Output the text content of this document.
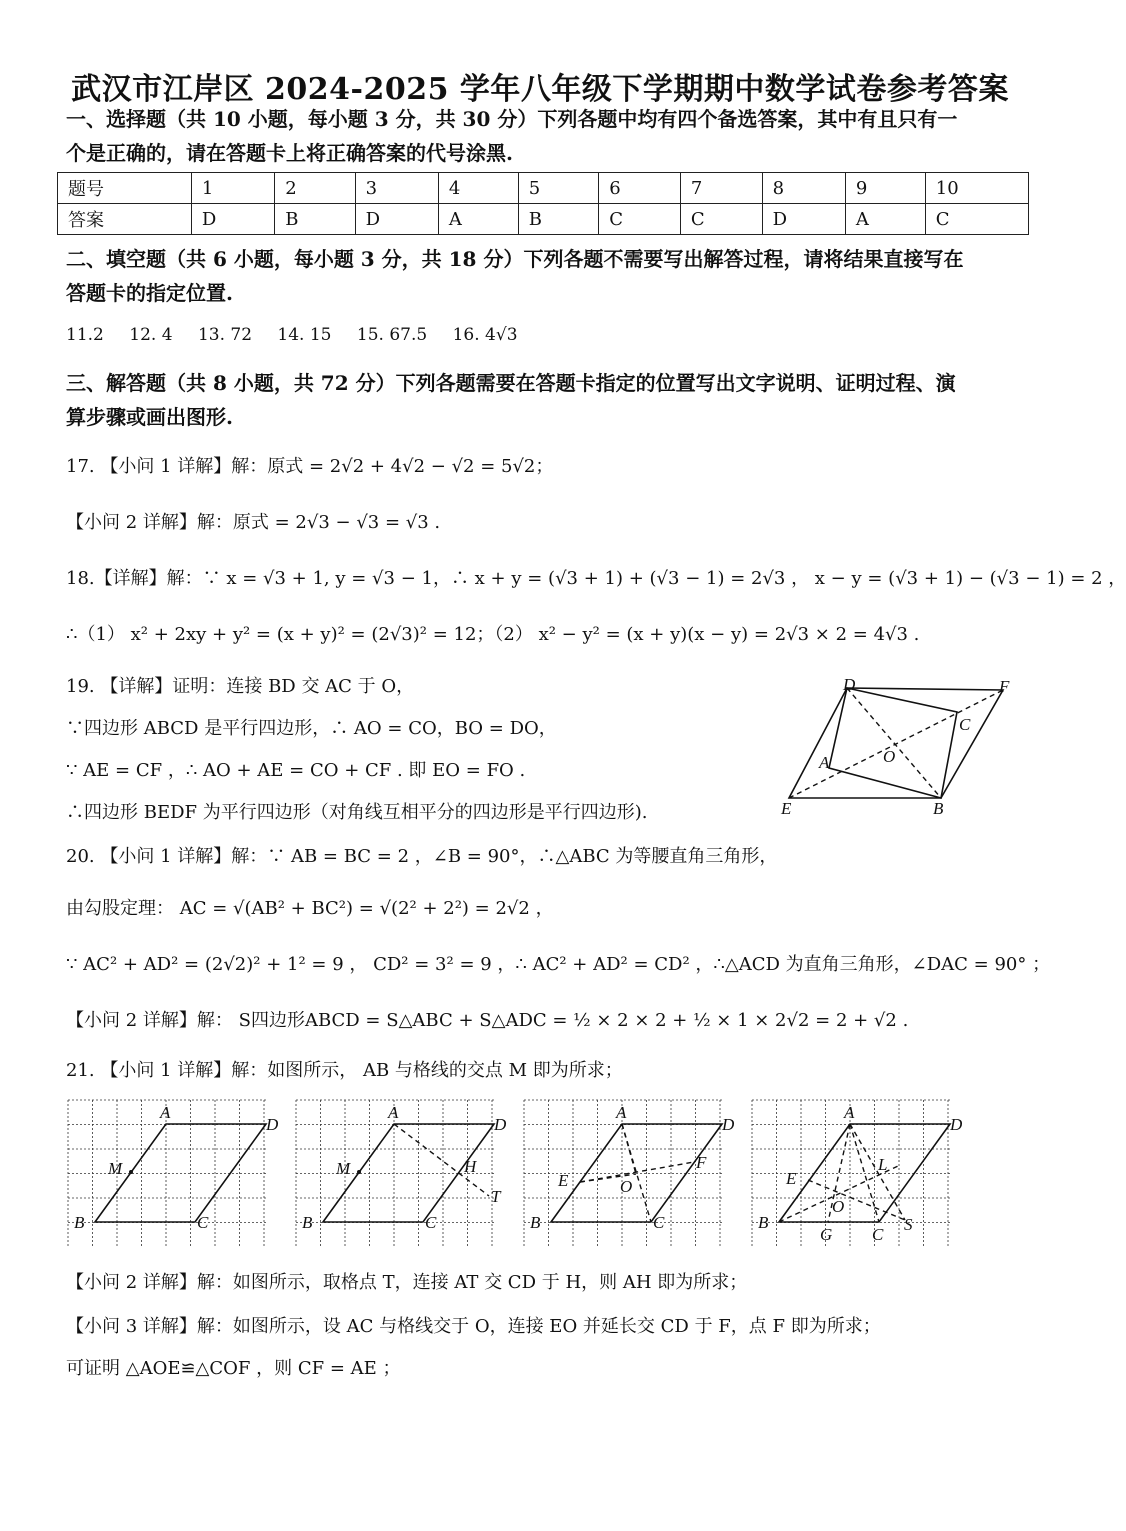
武汉市江岸区 2024-2025 学年八年级下学期期中数学试卷参考答案
一、选择题（共 10 小题，每小题 3 分，共 30 分）下列各题中均有四个备选答案，其中有且只有一
个是正确的，请在答题卡上将正确答案的代号涂黑.
题号	1	2	3	4	5	6	7	8	9	10
答案	D	B	D	A	B	C	C	D	A	C
二、填空题（共 6 小题，每小题 3 分，共 18 分）下列各题不需要写出解答过程，请将结果直接写在
答题卡的指定位置.
11.2 12. 4 13. 72 14. 15 15. 67.5 16. 4√3
三、解答题（共 8 小题，共 72 分）下列各题需要在答题卡指定的位置写出文字说明、证明过程、演
算步骤或画出图形.
17. 【小问 1 详解】解：原式 = 2√2 + 4√2 − √2 = 5√2；
【小问 2 详解】解：原式 = 2√3 − √3 = √3 .
18.【详解】解：∵ x = √3 + 1, y = √3 − 1，∴ x + y = (√3 + 1) + (√3 − 1) = 2√3 ， x − y = (√3 + 1) − (√3 − 1) = 2 ，
∴（1） x² + 2xy + y² = (x + y)² = (2√3)² = 12；（2） x² − y² = (x + y)(x − y) = 2√3 × 2 = 4√3 .
19. 【详解】证明：连接 BD 交 AC 于 O，
∵四边形 ABCD 是平行四边形，∴ AO = CO，BO = DO，
∵ AE = CF ，∴ AO + AE = CO + CF . 即 EO = FO .
∴四边形 BEDF 为平行四边形（对角线互相平分的四边形是平行四边形).
D	F
C
A	O
E	B
20. 【小问 1 详解】解：∵ AB = BC = 2 ，∠B = 90°，∴△ABC 为等腰直角三角形，
由勾股定理： AC = √(AB² + BC²) = √(2² + 2²) = 2√2 ，
∵ AC² + AD² = (2√2)² + 1² = 9 ， CD² = 3² = 9 ，∴ AC² + AD² = CD² ，∴△ACD 为直角三角形，∠DAC = 90° ；
【小问 2 详解】解： S四边形ABCD = S△ABC + S△ADC = ½ × 2 × 2 + ½ × 1 × 2√2 = 2 + √2 .
21. 【小问 1 详解】解：如图所示， AB 与格线的交点 M 即为所求；
A
D
M
B	C
A
D
M	H
T
B	C
A
D
E	O
F
B	C
A
D
E
L
O
B
G C
S
【小问 2 详解】解：如图所示，取格点 T，连接 AT 交 CD 于 H，则 AH 即为所求；
【小问 3 详解】解：如图所示，设 AC 与格线交于 O，连接 EO 并延长交 CD 于 F，点 F 即为所求；
可证明 △AOE≌△COF ，则 CF = AE ；
